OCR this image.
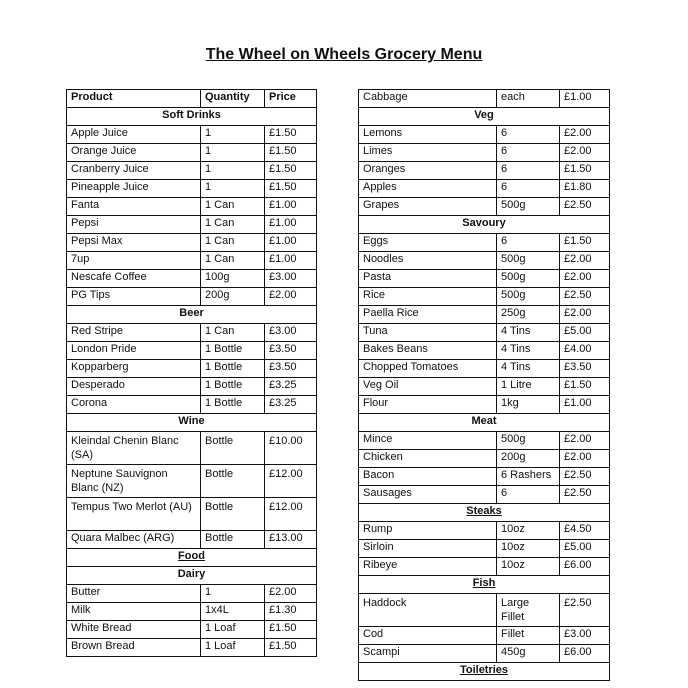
The Wheel on Wheels Grocery Menu
Product	Quantity	Price
Soft Drinks		
Apple Juice	1	£1.50
Orange Juice	1	£1.50
Cranberry Juice	1	£1.50
Pineapple Juice	1	£1.50
Fanta	1 Can	£1.00
Pepsi	1 Can	£1.00
Pepsi Max	1 Can	£1.00
7up	1 Can	£1.00
Nescafe Coffee	100g	£3.00
PG Tips	200g	£2.00
Beer		
Red Stripe	1 Can	£3.00
London Pride	1 Bottle	£3.50
Kopparberg	1 Bottle	£3.50
Desperado	1 Bottle	£3.25
Corona	1 Bottle	£3.25
Wine		
Kleindal Chenin Blanc (SA)	Bottle	£10.00
Neptune Sauvignon Blanc (NZ)	Bottle	£12.00
Tempus Two Merlot (AU)	Bottle	£12.00
Quara Malbec (ARG)	Bottle	£13.00
Food		
Dairy		
Butter	1	£2.00
Milk	1x4L	£1.30
White Bread	1 Loaf	£1.50
Brown Bread	1 Loaf	£1.50
Cabbage	each	£1.00
Veg		
Lemons	6	£2.00
Limes	6	£2.00
Oranges	6	£1.50
Apples	6	£1.80
Grapes	500g	£2.50
Savoury		
Eggs	6	£1.50
Noodles	500g	£2.00
Pasta	500g	£2.00
Rice	500g	£2.50
Paella Rice	250g	£2.00
Tuna	4 Tins	£5.00
Bakes Beans	4 Tins	£4.00
Chopped Tomatoes	4 Tins	£3.50
Veg Oil	1 Litre	£1.50
Flour	1kg	£1.00
Meat		
Mince	500g	£2.00
Chicken	200g	£2.00
Bacon	6 Rashers	£2.50
Sausages	6	£2.50
Steaks		
Rump	10oz	£4.50
Sirloin	10oz	£5.00
Ribeye	10oz	£6.00
Fish		
Haddock	Large Fillet	£2.50
Cod	Fillet	£3.00
Scampi	450g	£6.00
Toiletries		
